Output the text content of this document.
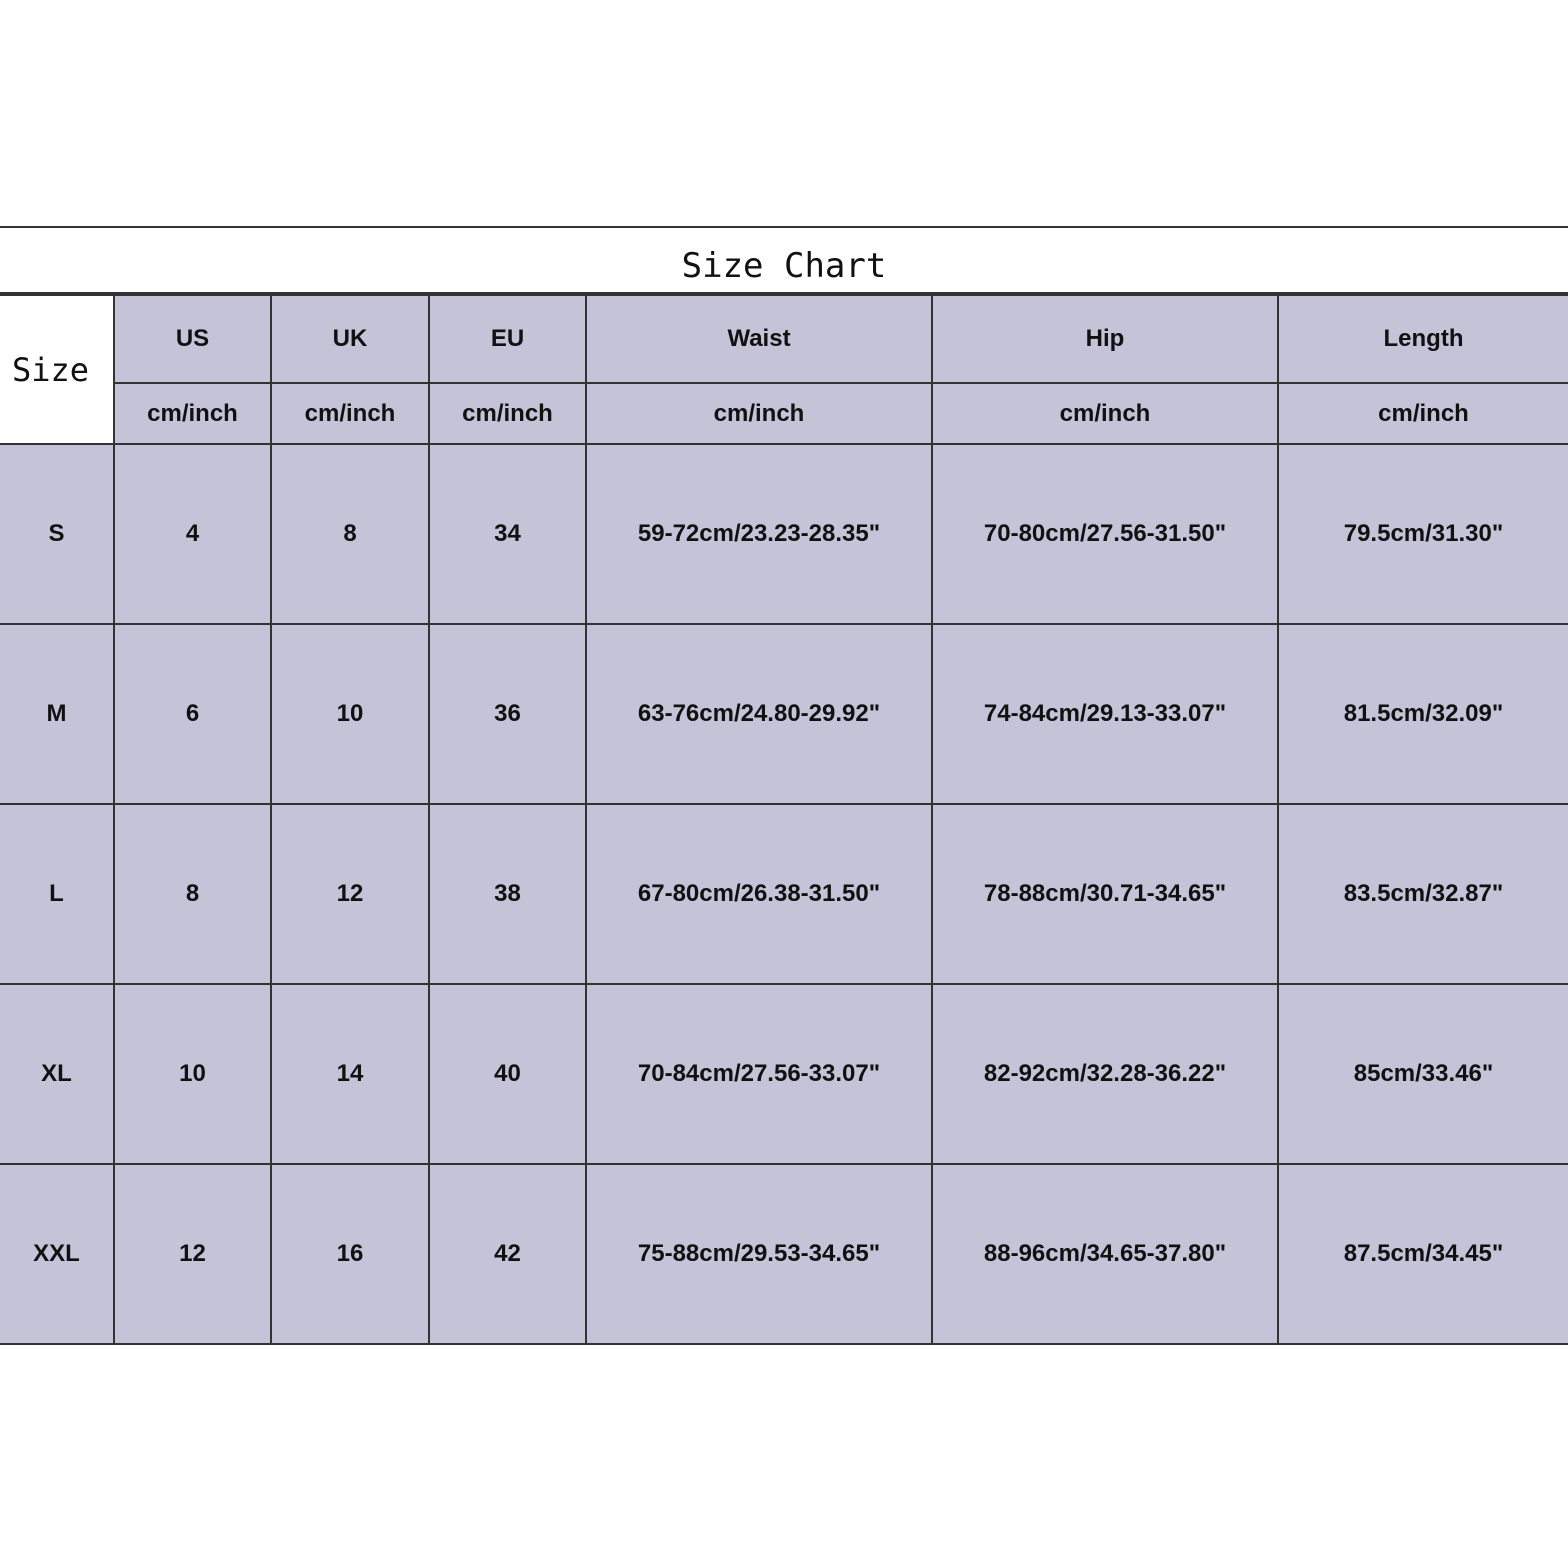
Size Chart
Size	US	UK	EU	Waist	Hip	Length
	cm/inch	cm/inch	cm/inch	cm/inch	cm/inch	cm/inch
S	4	8	34	59-72cm/23.23-28.35"	70-80cm/27.56-31.50"	79.5cm/31.30"
M	6	10	36	63-76cm/24.80-29.92"	74-84cm/29.13-33.07"	81.5cm/32.09"
L	8	12	38	67-80cm/26.38-31.50"	78-88cm/30.71-34.65"	83.5cm/32.87"
XL	10	14	40	70-84cm/27.56-33.07"	82-92cm/32.28-36.22"	85cm/33.46"
XXL	12	16	42	75-88cm/29.53-34.65"	88-96cm/34.65-37.80"	87.5cm/34.45"
